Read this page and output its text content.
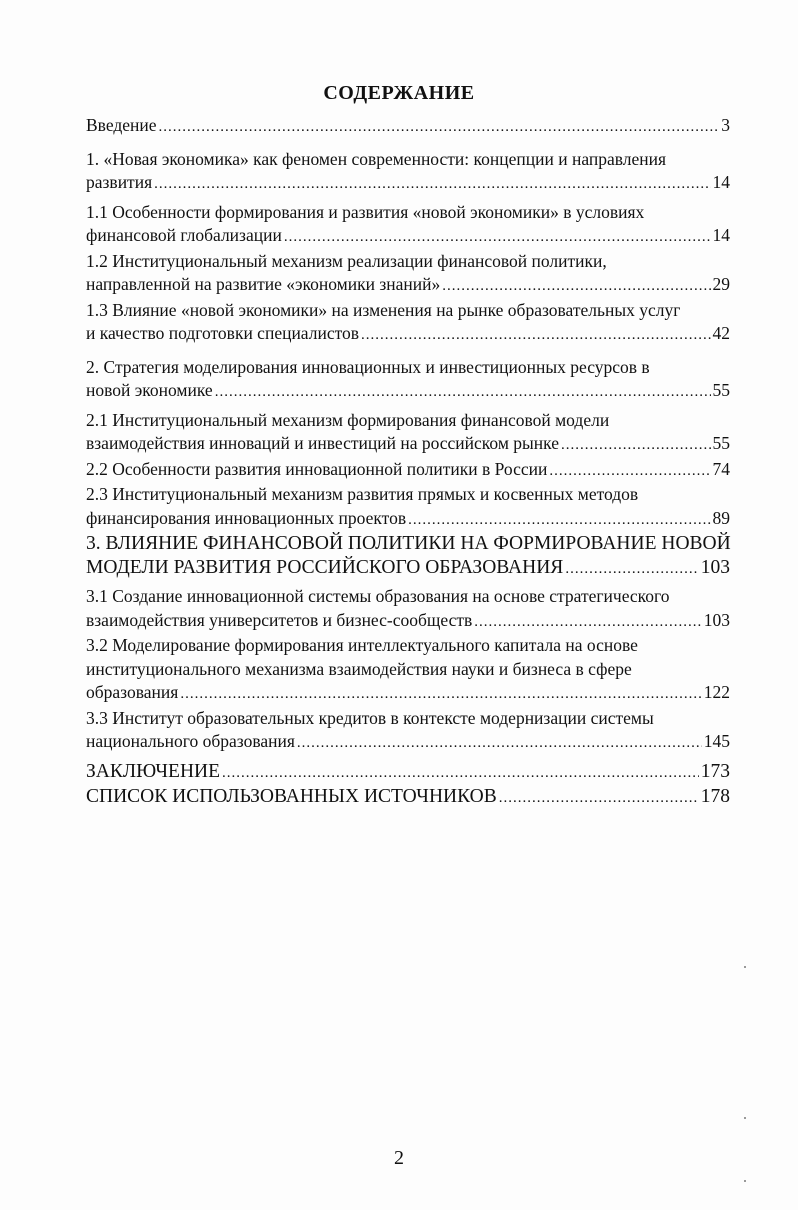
СОДЕРЖАНИЕ
Введение .....	3
1. «Новая экономика» как феномен современности: концепции и направления
развития .....	14
1.1 Особенности формирования и развития «новой экономики» в условиях
финансовой глобализации .....	14
1.2 Институциональный механизм реализации финансовой политики,
направленной на развитие «экономики знаний» .....	29
1.3 Влияние «новой экономики» на изменения на рынке образовательных услуг
и качество подготовки специалистов .....	42
2. Стратегия моделирования инновационных и инвестиционных ресурсов в
новой экономике .....	55
2.1 Институциональный механизм формирования финансовой модели
взаимодействия инноваций и инвестиций на российском рынке .....	55
2.2 Особенности развития инновационной политики в России .....	74
2.3 Институциональный механизм развития прямых и косвенных методов
финансирования инновационных проектов .....	89
3. ВЛИЯНИЕ ФИНАНСОВОЙ ПОЛИТИКИ НА ФОРМИРОВАНИЕ НОВОЙ
МОДЕЛИ РАЗВИТИЯ РОССИЙСКОГО ОБРАЗОВАНИЯ .....	103
3.1 Создание инновационной системы образования на основе стратегического
взаимодействия университетов и бизнес-сообществ .....	103
3.2 Моделирование формирования интеллектуального капитала на основе
институционального механизма взаимодействия науки и бизнеса в сфере
образования .....	122
3.3 Институт образовательных кредитов в контексте модернизации системы
национального образования .....	145
ЗАКЛЮЧЕНИЕ .....	173
СПИСОК ИСПОЛЬЗОВАННЫХ ИСТОЧНИКОВ .....	178
2
